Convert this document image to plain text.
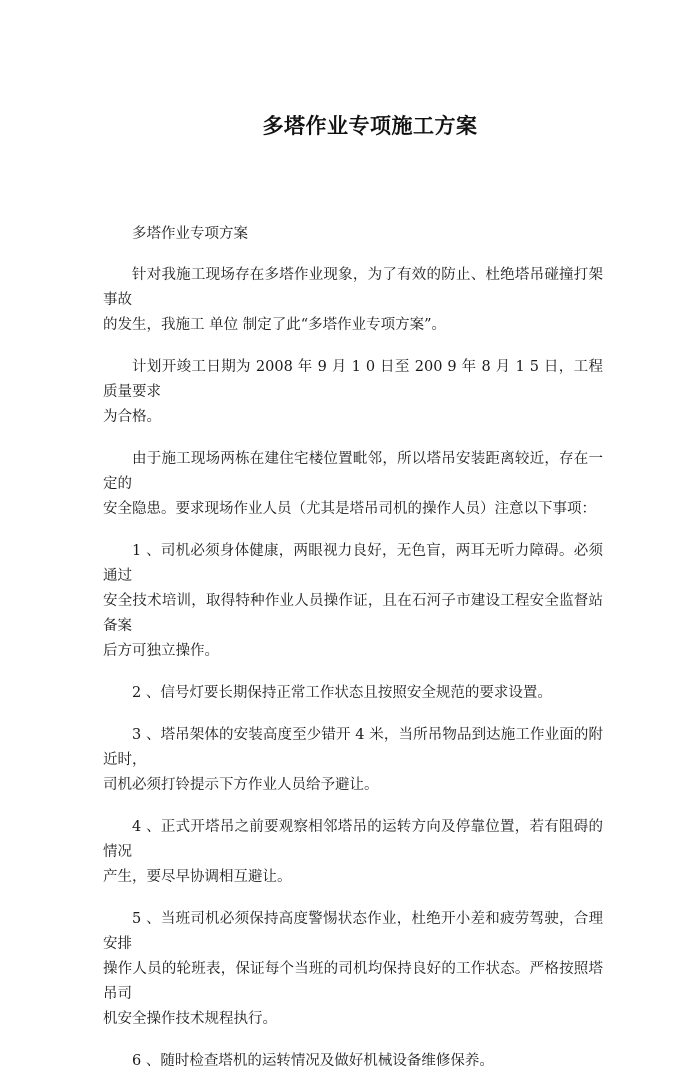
多塔作业专项施工方案

多塔作业专项方案

针对我施工现场存在多塔作业现象，为了有效的防止、杜绝塔吊碰撞打架事故
的发生，我施工 单位 制定了此“多塔作业专项方案”。

计划开竣工日期为 2008 年 9 月 1 0 日至 200 9 年 8 月 1 5 日，工程质量要求
为合格。

由于施工现场两栋在建住宅楼位置毗邻，所以塔吊安装距离较近，存在一定的
安全隐患。要求现场作业人员（尤其是塔吊司机的操作人员）注意以下事项：

1 、司机必须身体健康，两眼视力良好，无色盲，两耳无听力障碍。必须通过
安全技术培训，取得特种作业人员操作证，且在石河子市建设工程安全监督站备案
后方可独立操作。

2 、信号灯要长期保持正常工作状态且按照安全规范的要求设置。

3 、塔吊架体的安装高度至少错开 4 米，当所吊物品到达施工作业面的附近时，
司机必须打铃提示下方作业人员给予避让。

4 、正式开塔吊之前要观察相邻塔吊的运转方向及停靠位置，若有阻碍的情况
产生，要尽早协调相互避让。

5 、当班司机必须保持高度警惕状态作业，杜绝开小差和疲劳驾驶，合理安排
操作人员的轮班表，保证每个当班的司机均保持良好的工作状态。严格按照塔吊司
机安全操作技术规程执行。

6 、随时检查塔机的运转情况及做好机械设备维修保养。
